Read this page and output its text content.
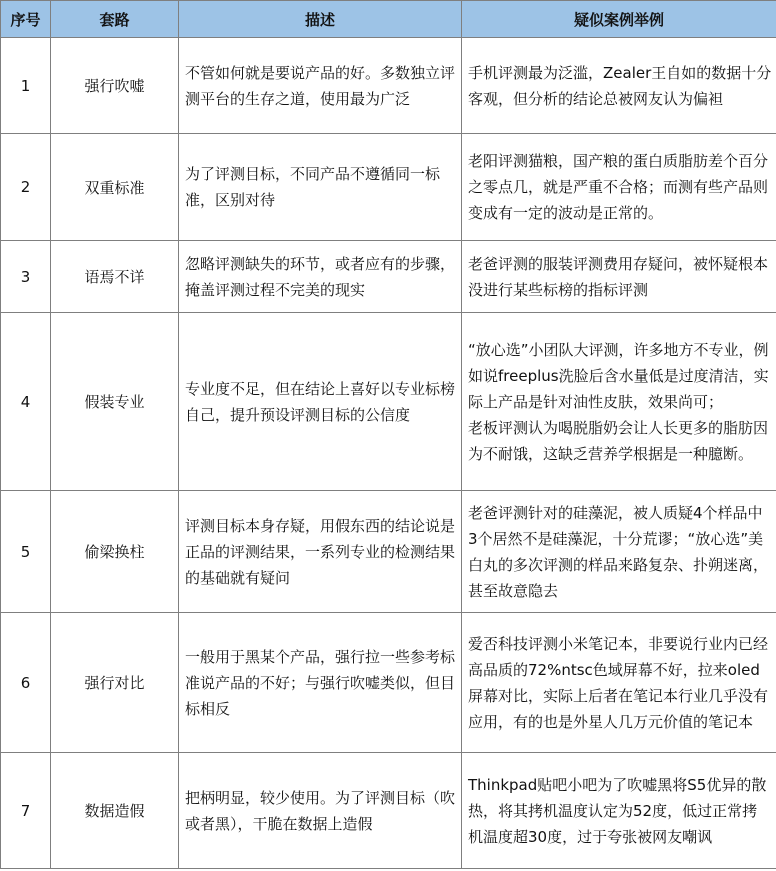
序号	套路	描述	疑似案例举例
1	强行吹嘘	不管如何就是要说产品的好。多数独立评测平台的生存之道，使用最为广泛	手机评测最为泛滥，Zealer王自如的数据十分客观，但分析的结论总被网友认为偏袒

2	双重标准	为了评测目标，不同产品不遵循同一标准，区别对待	老阳评测猫粮，国产粮的蛋白质脂肪差个百分之零点几，就是严重不合格；而测有些产品则变成有一定的波动是正常的。

3	语焉不详	忽略评测缺失的环节，或者应有的步骤，掩盖评测过程不完美的现实	老爸评测的服装评测费用存疑问，被怀疑根本没进行某些标榜的指标评测

4	假装专业	专业度不足，但在结论上喜好以专业标榜自己，提升预设评测目标的公信度	“放心选”小团队大评测，许多地方不专业，例如说freeplus洗脸后含水量低是过度清洁，实际上产品是针对油性皮肤，效果尚可；
老板评测认为喝脱脂奶会让人长更多的脂肪因为不耐饿，这缺乏营养学根据是一种臆断。

5	偷梁换柱	评测目标本身存疑，用假东西的结论说是正品的评测结果，一系列专业的检测结果的基础就有疑问	老爸评测针对的硅藻泥，被人质疑4个样品中3个居然不是硅藻泥，十分荒谬；“放心选”美白丸的多次评测的样品来路复杂、扑朔迷离，甚至故意隐去

6	强行对比	一般用于黑某个产品，强行拉一些参考标准说产品的不好；与强行吹嘘类似，但目标相反	爱否科技评测小米笔记本，非要说行业内已经高品质的72%ntsc色域屏幕不好，拉来oled屏幕对比，实际上后者在笔记本行业几乎没有应用，有的也是外星人几万元价值的笔记本

7	数据造假	把柄明显，较少使用。为了评测目标（吹或者黑），干脆在数据上造假	Thinkpad贴吧小吧为了吹嘘黑将S5优异的散热，将其拷机温度认定为52度，低过正常拷机温度超30度，过于夸张被网友嘲讽
